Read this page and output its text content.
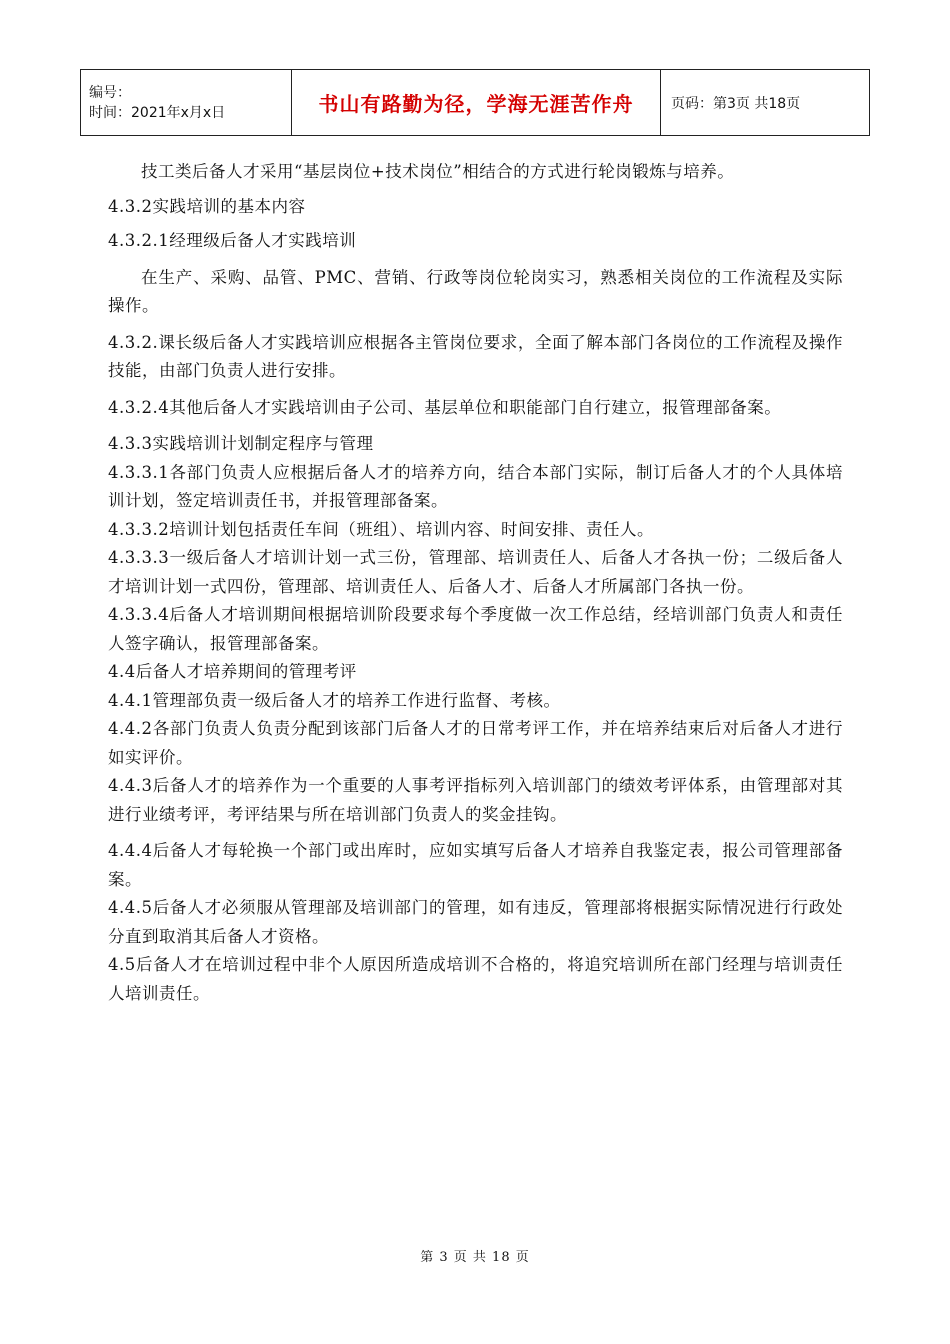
编号：
时间：2021年x月x日	书山有路勤为径，学海无涯苦作舟	页码：第3页 共18页

技工类后备人才采用“基层岗位+技术岗位”相结合的方式进行轮岗锻炼与培养。

4.3.2实践培训的基本内容

4.3.2.1经理级后备人才实践培训

在生产、采购、品管、PMC、营销、行政等岗位轮岗实习，熟悉相关岗位的工作流程及实际操作。

4.3.2.课长级后备人才实践培训应根据各主管岗位要求，全面了解本部门各岗位的工作流程及操作技能，由部门负责人进行安排。

4.3.2.4其他后备人才实践培训由子公司、基层单位和职能部门自行建立，报管理部备案。

4.3.3实践培训计划制定程序与管理

4.3.3.1各部门负责人应根据后备人才的培养方向，结合本部门实际，制订后备人才的个人具体培训计划，签定培训责任书，并报管理部备案。

4.3.3.2培训计划包括责任车间（班组）、培训内容、时间安排、责任人。

4.3.3.3一级后备人才培训计划一式三份，管理部、培训责任人、后备人才各执一份；二级后备人才培训计划一式四份，管理部、培训责任人、后备人才、后备人才所属部门各执一份。

4.3.3.4后备人才培训期间根据培训阶段要求每个季度做一次工作总结，经培训部门负责人和责任人签字确认，报管理部备案。

4.4后备人才培养期间的管理考评

4.4.1管理部负责一级后备人才的培养工作进行监督、考核。

4.4.2各部门负责人负责分配到该部门后备人才的日常考评工作，并在培养结束后对后备人才进行如实评价。

4.4.3后备人才的培养作为一个重要的人事考评指标列入培训部门的绩效考评体系，由管理部对其进行业绩考评，考评结果与所在培训部门负责人的奖金挂钩。

4.4.4后备人才每轮换一个部门或出库时，应如实填写后备人才培养自我鉴定表，报公司管理部备案。

4.4.5后备人才必须服从管理部及培训部门的管理，如有违反，管理部将根据实际情况进行行政处分直到取消其后备人才资格。

4.5后备人才在培训过程中非个人原因所造成培训不合格的，将追究培训所在部门经理与培训责任人培训责任。

第 3 页 共 18 页
